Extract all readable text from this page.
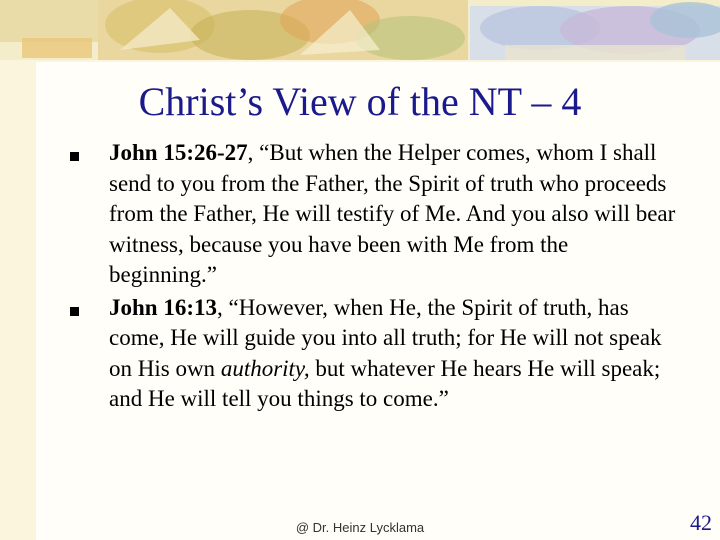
Christ’s View of the NT – 4
John 15:26-27, “But when the Helper comes, whom I shall send to you from the Father, the Spirit of truth who proceeds from the Father, He will testify of Me. And you also will bear witness, because you have been with Me from the beginning.”
John 16:13, “However, when He, the Spirit of truth, has come, He will guide you into all truth; for He will not speak on His own authority, but whatever He hears He will speak; and He will tell you things to come.”
@ Dr. Heinz Lycklama	42
